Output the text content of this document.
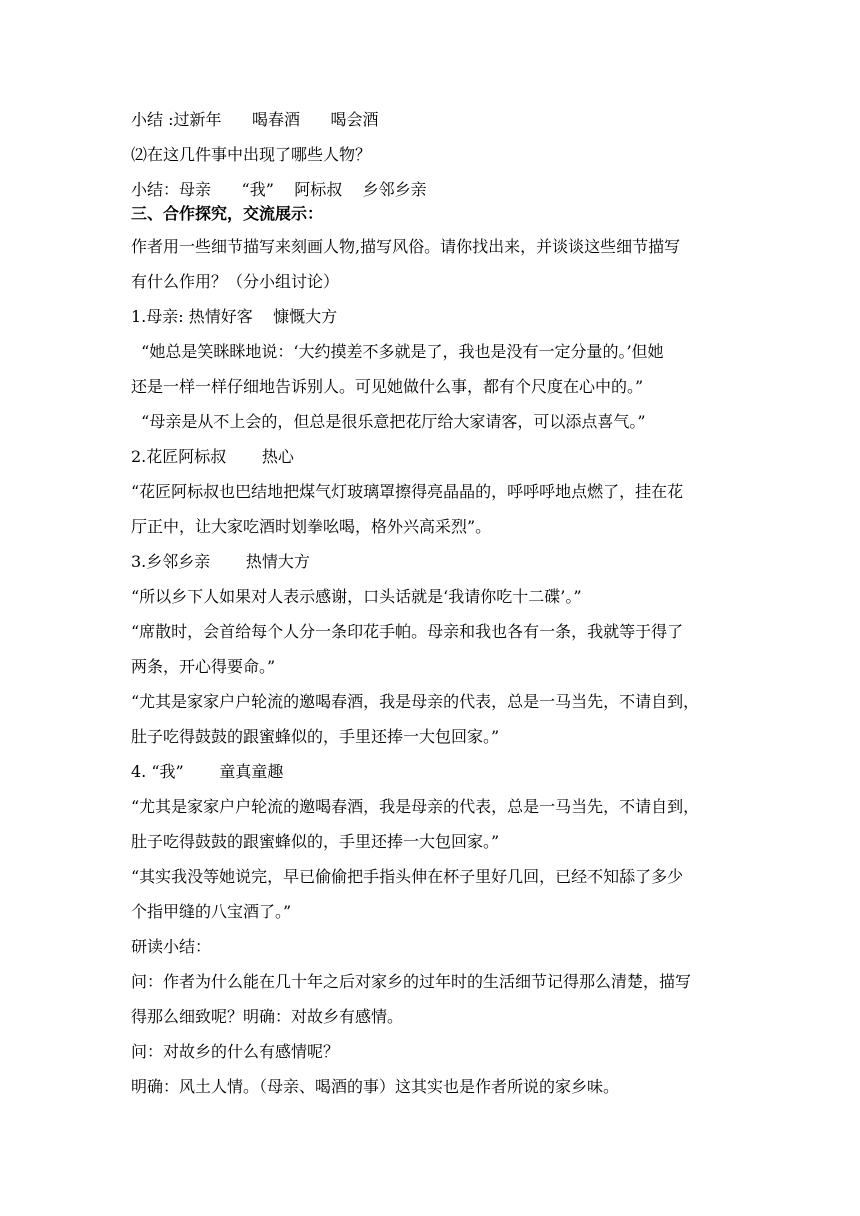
小结 :过新年      喝春酒      喝会酒

⑵在这几件事中出现了哪些人物？

小结：母亲      “我”    阿标叔    乡邻乡亲

三、合作探究，交流展示：

作者用一些细节描写来刻画人物,描写风俗。请你找出来，并谈谈这些细节描写

有什么作用？（分小组讨论）

1.母亲: 热情好客    慷慨大方

“她总是笑眯眯地说：‘大约摸差不多就是了，我也是没有一定分量的。’但她

还是一样一样仔细地告诉别人。可见她做什么事，都有个尺度在心中的。”

“母亲是从不上会的，但总是很乐意把花厅给大家请客，可以添点喜气。”

2.花匠阿标叔       热心

“花匠阿标叔也巴结地把煤气灯玻璃罩擦得亮晶晶的，呼呼呼地点燃了，挂在花

厅正中，让大家吃酒时划拳吆喝，格外兴高采烈”。

3.乡邻乡亲       热情大方

“所以乡下人如果对人表示感谢，口头话就是‘我请你吃十二碟’。”

“席散时，会首给每个人分一条印花手帕。母亲和我也各有一条，我就等于得了

两条，开心得要命。”

“尤其是家家户户轮流的邀喝春酒，我是母亲的代表，总是一马当先，不请自到，

肚子吃得鼓鼓的跟蜜蜂似的，手里还捧一大包回家。”

4. “我”       童真童趣

“尤其是家家户户轮流的邀喝春酒，我是母亲的代表，总是一马当先，不请自到，

肚子吃得鼓鼓的跟蜜蜂似的，手里还捧一大包回家。”

“其实我没等她说完，早已偷偷把手指头伸在杯子里好几回，已经不知舔了多少

个指甲缝的八宝酒了。”

研读小结：

问：作者为什么能在几十年之后对家乡的过年时的生活细节记得那么清楚，描写

得那么细致呢？明确：对故乡有感情。

问：对故乡的什么有感情呢？

明确：风土人情。（母亲、喝酒的事）这其实也是作者所说的家乡味。
